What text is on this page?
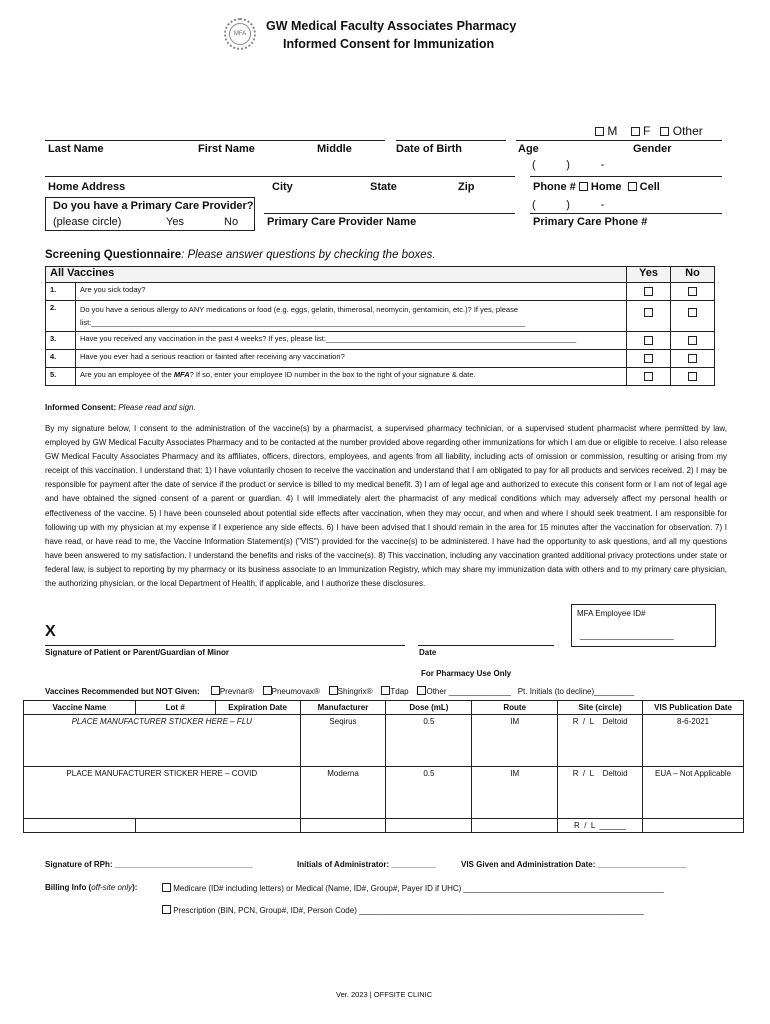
MFA
GW Medical Faculty Associates Pharmacy
Informed Consent for Immunization
M F Other
Last Name	First Name	Middle	Date of Birth	Age	Gender
(          )          -
Home Address	City	State	Zip	Phone # Home Cell
Do you have a Primary Care Provider?
(please circle)	Yes	No	Primary Care Provider Name
(          )          -
Primary Care Phone #
Screening Questionnaire: Please answer questions by checking the boxes.
All Vaccines		Yes	No
1.	Are you sick today?		
2.	Do you have a serious allergy to ANY medications or food (e.g. eggs, gelatin, thimerosal, neomycin, gentamicin, etc.)? If yes, please
list:________________________________________________________________________________________________________		

3.	Have you received any vaccination in the past 4 weeks? If yes, please list:____________________________________________________________		
4.	Have you ever had a serious reaction or fainted after receiving any vaccination?		
5.	Are you an employee of the MFA? If so, enter your employee ID number in the box to the right of your signature & date.		
Informed Consent: Please read and sign.
By my signature below, I consent to the administration of the vaccine(s) by a pharmacist, a supervised pharmacy technician, or a supervised student pharmacist where permitted by law, employed by GW Medical Faculty Associates Pharmacy and to be contacted at the number provided above regarding other immunizations for which I am due or eligible to receive. I also release GW Medical Faculty Associates Pharmacy and its affiliates, officers, directors, employees, and agents from all liability, including acts of omission or commission, resulting or arising from my receipt of this vaccination. I understand that: 1) I have voluntarily chosen to receive the vaccination and understand that I am obligated to pay for all products and services received. 2) I may be responsible for payment after the date of service if the product or service is billed to my medical benefit. 3) I am of legal age and authorized to execute this consent form or I am not of legal age and have obtained the signed consent of a parent or guardian. 4) I will immediately alert the pharmacist of any medical conditions which may adversely affect my personal health or effectiveness of the vaccine. 5) I have been counseled about potential side effects after vaccination, when they may occur, and when and where I should seek treatment. I am responsible for following up with my physician at my expense if I experience any side effects. 6) I have been advised that I should remain in the area for 15 minutes after the vaccination for observation. 7) I have read, or have read to me, the Vaccine Information Statement(s) ("VIS") provided for the vaccine(s) to be administered. I have had the opportunity to ask questions, and all my questions have been answered to my satisfaction. I understand the benefits and risks of the vaccine(s). 8) This vaccination, including any vaccination granted additional privacy protections under state or federal law, is subject to reporting by my pharmacy or its business associate to an Immunization Registry, which may share my immunization data with others and to my primary care physician, the authorizing physician, or the local Department of Health, if applicable, and I authorize these disclosures.
MFA Employee ID#
_____________________
X
Signature of Patient or Parent/Guardian of Minor	Date
For Pharmacy Use Only
Vaccines Recommended but NOT Given:	Prevnar® Pneumovax® Shingrix® Tdap Other ______________ Pt. Initials (to decline)_________
Vaccine Name	Lot #	Expiration Date	Manufacturer	Dose (mL)	Route	Site (circle)	VIS Publication Date
PLACE MANUFACTURER STICKER HERE – FLU			Seqirus	0.5	IM	R  /  L    Deltoid	8-6-2021
PLACE MANUFACTURER STICKER HERE – COVID			Moderna	0.5	IM	R  /  L    Deltoid	EUA – Not Applicable
						R  /  L  ______	
Signature of RPh: _______________________________	Initials of Administrator: __________	VIS Given and Administration Date: ____________________
Billing Info (off-site only):	Medicare (ID# including letters) or Medical (Name, ID#, Group#, Payer ID if UHC) _____________________________________________
Prescription (BIN, PCN, Group#, ID#, Person Code) ________________________________________________________________
Ver. 2023 | OFFSITE CLINIC
